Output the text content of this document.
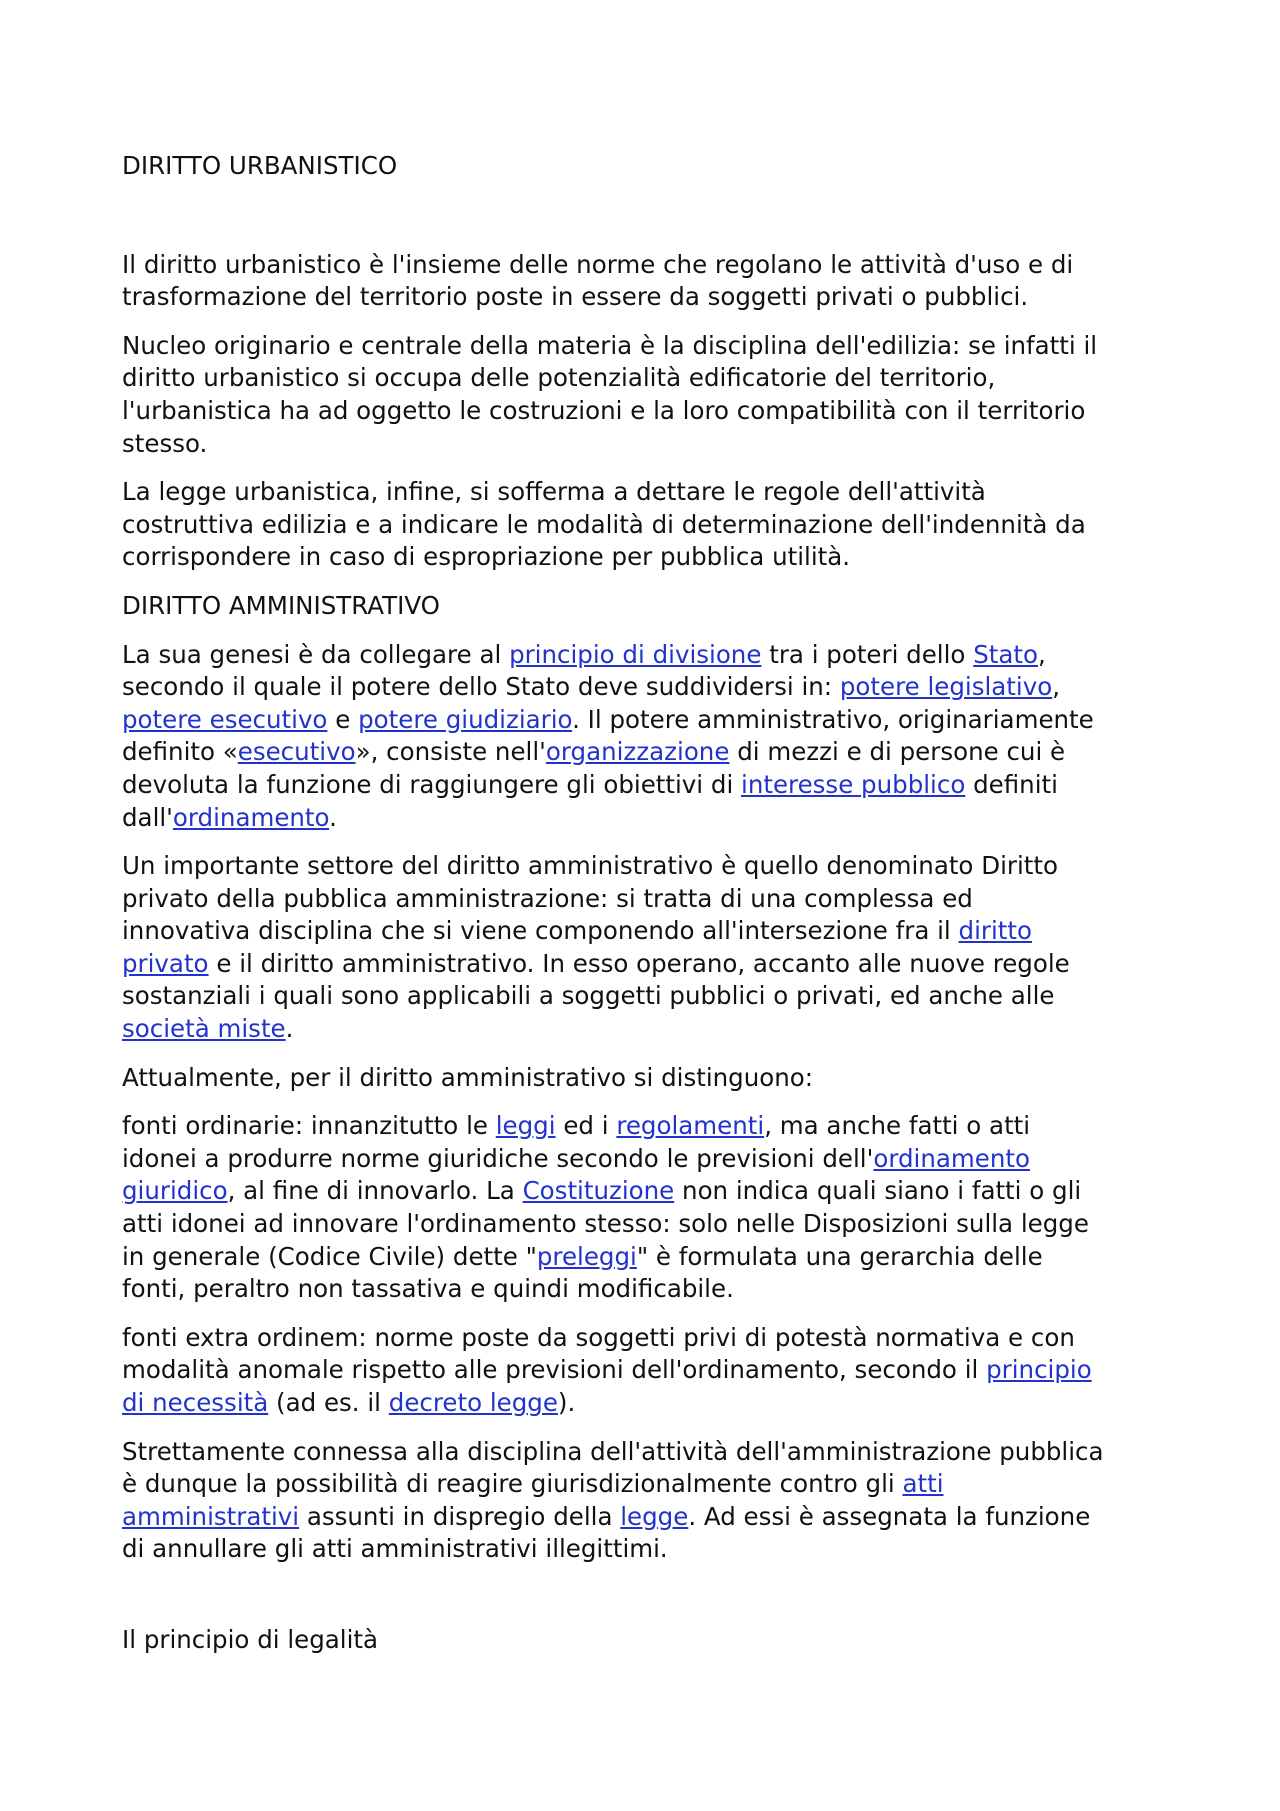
DIRITTO URBANISTICO

Il diritto urbanistico è l'insieme delle norme che regolano le attività d'uso e di
trasformazione del territorio poste in essere da soggetti privati o pubblici.

Nucleo originario e centrale della materia è la disciplina dell'edilizia: se infatti il
diritto urbanistico si occupa delle potenzialità edificatorie del territorio,
l'urbanistica ha ad oggetto le costruzioni e la loro compatibilità con il territorio
stesso.

La legge urbanistica, infine, si sofferma a dettare le regole dell'attività
costruttiva edilizia e a indicare le modalità di determinazione dell'indennità da
corrispondere in caso di espropriazione per pubblica utilità.

DIRITTO AMMINISTRATIVO

La sua genesi è da collegare al principio di divisione tra i poteri dello Stato,
secondo il quale il potere dello Stato deve suddividersi in: potere legislativo,
potere esecutivo e potere giudiziario. Il potere amministrativo, originariamente
definito «esecutivo», consiste nell'organizzazione di mezzi e di persone cui è
devoluta la funzione di raggiungere gli obiettivi di interesse pubblico definiti
dall'ordinamento.

Un importante settore del diritto amministrativo è quello denominato Diritto
privato della pubblica amministrazione: si tratta di una complessa ed
innovativa disciplina che si viene componendo all'intersezione fra il diritto
privato e il diritto amministrativo. In esso operano, accanto alle nuove regole
sostanziali i quali sono applicabili a soggetti pubblici o privati, ed anche alle
società miste.

Attualmente, per il diritto amministrativo si distinguono:

fonti ordinarie: innanzitutto le leggi ed i regolamenti, ma anche fatti o atti
idonei a produrre norme giuridiche secondo le previsioni dell'ordinamento
giuridico, al fine di innovarlo. La Costituzione non indica quali siano i fatti o gli
atti idonei ad innovare l'ordinamento stesso: solo nelle Disposizioni sulla legge
in generale (Codice Civile) dette "preleggi" è formulata una gerarchia delle
fonti, peraltro non tassativa e quindi modificabile.

fonti extra ordinem: norme poste da soggetti privi di potestà normativa e con
modalità anomale rispetto alle previsioni dell'ordinamento, secondo il principio
di necessità (ad es. il decreto legge).

Strettamente connessa alla disciplina dell'attività dell'amministrazione pubblica
è dunque la possibilità di reagire giurisdizionalmente contro gli atti
amministrativi assunti in dispregio della legge. Ad essi è assegnata la funzione
di annullare gli atti amministrativi illegittimi.

Il principio di legalità
